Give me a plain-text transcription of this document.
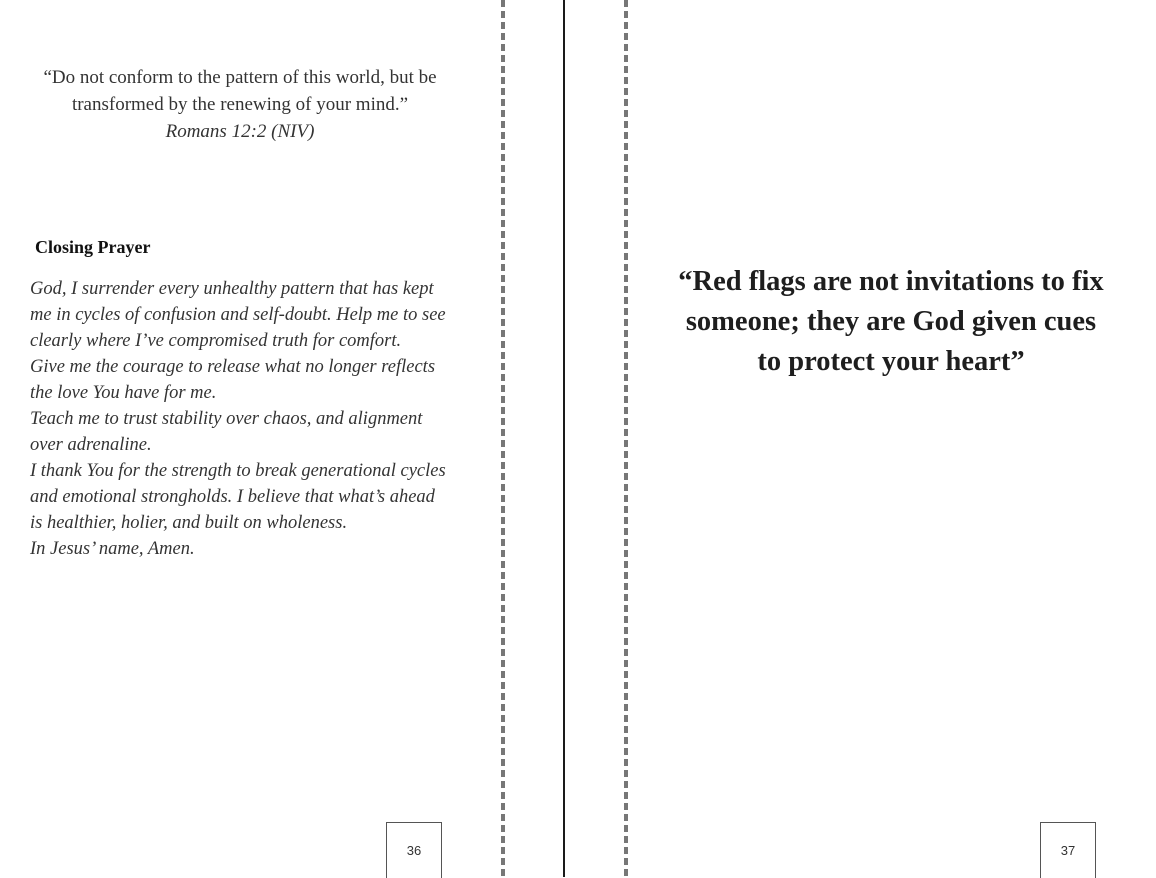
“Do not conform to the pattern of this world, but be transformed by the renewing of your mind.”
Romans 12:2 (NIV)
Closing Prayer

God, I surrender every unhealthy pattern that has kept me in cycles of confusion and self-doubt. Help me to see clearly where I’ve compromised truth for comfort.

Give me the courage to release what no longer reflects the love You have for me.

Teach me to trust stability over chaos, and alignment over adrenaline.

I thank You for the strength to break generational cycles and emotional strongholds. I believe that what’s ahead is healthier, holier, and built on wholeness.

In Jesus’ name, Amen.

36
“Red flags are not invitations to fix someone; they are God given cues to protect your heart”
37
